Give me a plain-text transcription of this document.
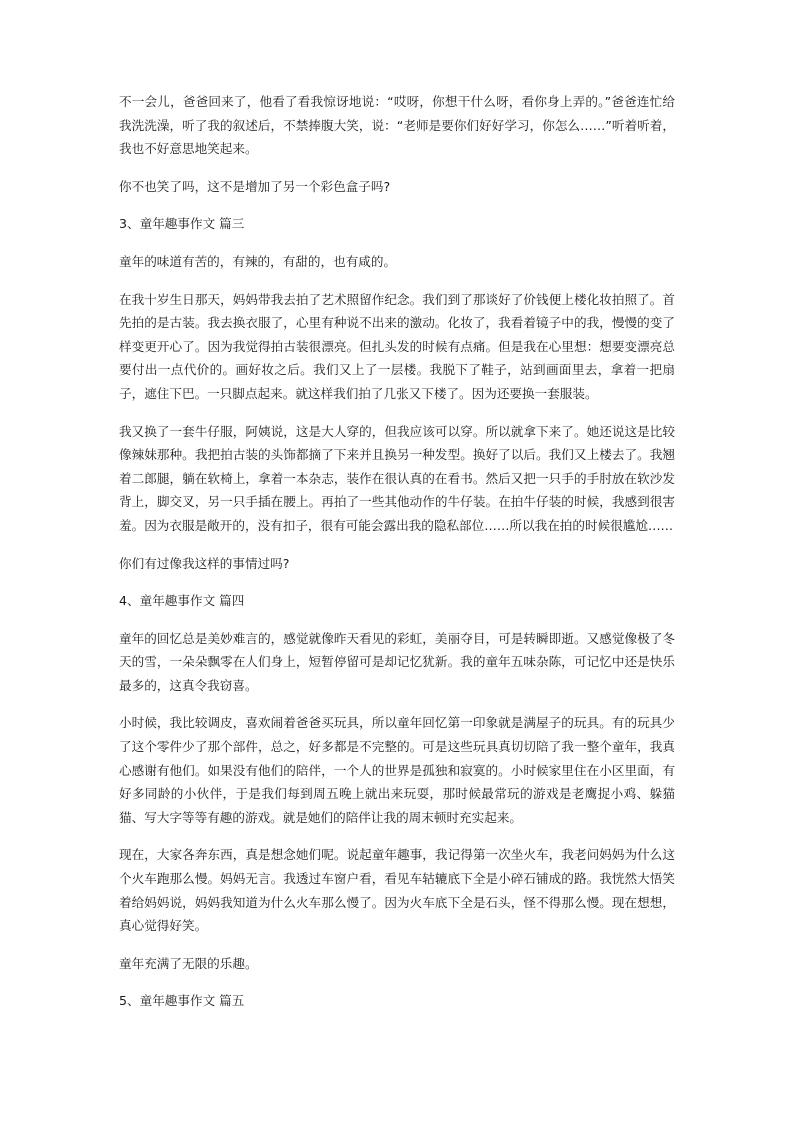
不一会儿，爸爸回来了，他看了看我惊讶地说：“哎呀，你想干什么呀，看你身上弄的。”爸爸连忙给我洗洗澡，听了我的叙述后，不禁捧腹大笑，说：“老师是要你们好好学习，你怎么……”听着听着，我也不好意思地笑起来。

你不也笑了吗，这不是增加了另一个彩色盒子吗?

3、童年趣事作文 篇三

童年的味道有苦的，有辣的，有甜的，也有咸的。

在我十岁生日那天，妈妈带我去拍了艺术照留作纪念。我们到了那谈好了价钱便上楼化妆拍照了。首先拍的是古装。我去换衣服了，心里有种说不出来的激动。化妆了，我看着镜子中的我，慢慢的变了样变更开心了。因为我觉得拍古装很漂亮。但扎头发的时候有点痛。但是我在心里想：想要变漂亮总要付出一点代价的。画好妆之后。我们又上了一层楼。我脱下了鞋子，站到画面里去，拿着一把扇子，遮住下巴。一只脚点起来。就这样我们拍了几张又下楼了。因为还要换一套服装。

我又换了一套牛仔服，阿姨说，这是大人穿的，但我应该可以穿。所以就拿下来了。她还说这是比较像辣妹那种。我把拍古装的头饰都摘了下来并且换另一种发型。换好了以后。我们又上楼去了。我翘着二郎腿，躺在软椅上，拿着一本杂志，装作在很认真的在看书。然后又把一只手的手肘放在软沙发背上，脚交叉，另一只手插在腰上。再拍了一些其他动作的牛仔装。在拍牛仔装的时候，我感到很害羞。因为衣服是敞开的，没有扣子，很有可能会露出我的隐私部位……所以我在拍的时候很尴尬……

你们有过像我这样的事情过吗?

4、童年趣事作文 篇四

童年的回忆总是美妙难言的，感觉就像昨天看见的彩虹，美丽夺目，可是转瞬即逝。又感觉像极了冬天的雪，一朵朵飘零在人们身上，短暂停留可是却记忆犹新。我的童年五味杂陈，可记忆中还是快乐最多的，这真令我窃喜。

小时候，我比较调皮，喜欢闹着爸爸买玩具，所以童年回忆第一印象就是满屋子的玩具。有的玩具少了这个零件少了那个部件，总之，好多都是不完整的。可是这些玩具真切切陪了我一整个童年，我真心感谢有他们。如果没有他们的陪伴，一个人的世界是孤独和寂寞的。小时候家里住在小区里面，有好多同龄的小伙伴，于是我们每到周五晚上就出来玩耍，那时候最常玩的游戏是老鹰捉小鸡、躲猫猫、写大字等等有趣的游戏。就是她们的陪伴让我的周末顿时充实起来。

现在，大家各奔东西，真是想念她们呢。说起童年趣事，我记得第一次坐火车，我老问妈妈为什么这个火车跑那么慢。妈妈无言。我透过车窗户看，看见车轱辘底下全是小碎石铺成的路。我恍然大悟笑着给妈妈说，妈妈我知道为什么火车那么慢了。因为火车底下全是石头，怪不得那么慢。现在想想，真心觉得好笑。

童年充满了无限的乐趣。

5、童年趣事作文 篇五
